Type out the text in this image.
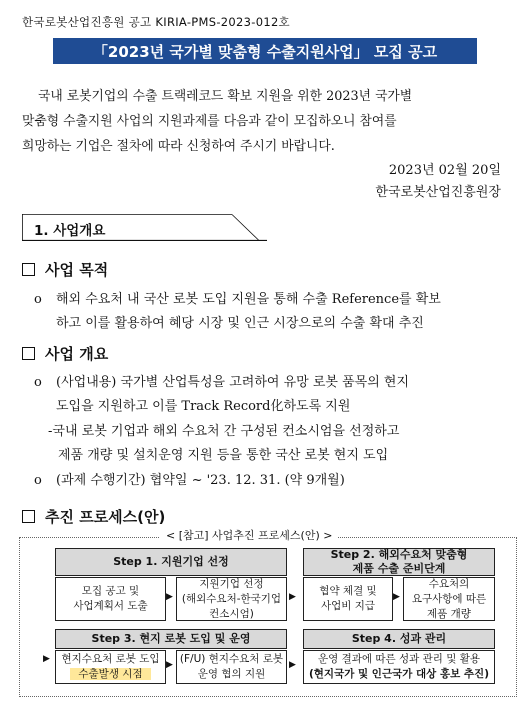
한국로봇산업진흥원 공고 KIRIA-PMS-2023-012호
「2023년 국가별 맞춤형 수출지원사업」 모집 공고

국내 로봇기업의 수출 트랙레코드 확보 지원을 위한 2023년 국가별

맞춤형 수출지원 사업의 지원과제를 다음과 같이 모집하오니 참여를

희망하는 기업은 절차에 따라 신청하여 주시기 바랍니다.

2023년 02월 20일
한국로봇산업진흥원장
1. 사업개요
사업 목적
o 해외 수요처 내 국산 로봇 도입 지원을 통해 수출 Reference를 확보
하고 이를 활용하여 혜당 시장 및 인근 시장으로의 수출 확대 추진
사업 개요
o (사업내용) 국가별 산업특성을 고려하여 유망 로봇 품목의 현지
도입을 지원하고 이를 Track Record化하도록 지원
-국내 로봇 기업과 해외 수요처 간 구성된 컨소시엄을 선정하고
제품 개량 및 설치운영 지원 등을 통한 국산 로봇 현지 도입
o (과제 수행기간) 협약일 ~ '23. 12. 31. (약 9개월)
추진 프로세스(안)
< [참고] 사업추진 프로세스(안) >
Step 1. 지원기업 선정
모집 공고 및
사업계획서 도출
▶
지원기업 선정
(해외수요처-한국기업
컨소시엄)
▶
Step 2. 해외수요처 맞춤형
제품 수출 준비단계
협약 체결 및
사업비 지급
▶
수요처의
요구사항에 따른
제품 개량
Step 3. 현지 로봇 도입 및 운영
▶ 현지수요처 로봇 도입
수출발생 시점
▶ (F/U) 현지수요처 로봇
운영 협의 지원
▶
Step 4. 성과 관리
운영 결과에 따른 성과 관리 및 활용
(현지국가 및 인근국가 대상 홍보 추진)
